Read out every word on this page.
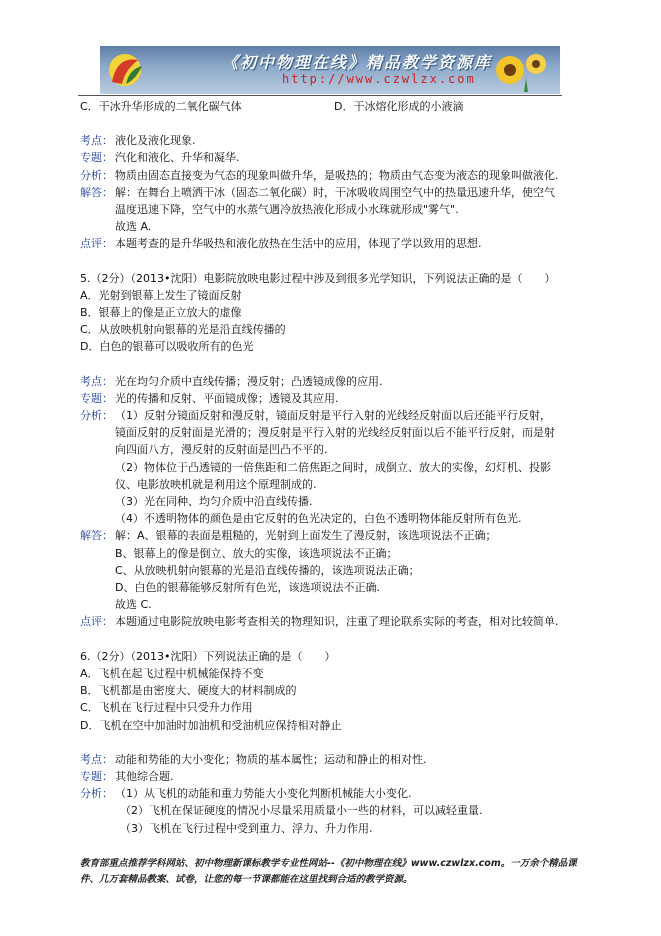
《初中物理在线》精品教学资源库
http://www.czwlzx.com
C．干冰升华形成的二氧化碳气体	D．干冰熔化形成的小液滴
考点： 液化及液化现象.
专题： 汽化和液化、升华和凝华.
分析： 物质由固态直接变为气态的现象叫做升华，是吸热的；物质由气态变为液态的现象叫做液化.
解答： 解：在舞台上喷洒干冰（固态二氧化碳）时，干冰吸收周围空气中的热量迅速升华，使空气
温度迅速下降，空气中的水蒸气遇冷放热液化形成小水珠就形成"雾气".
故选 A.
点评： 本题考查的是升华吸热和液化放热在生活中的应用，体现了学以致用的思想.
5.（2分）（2013•沈阳）电影院放映电影过程中涉及到很多光学知识，下列说法正确的是（　　）
A．光射到银幕上发生了镜面反射
B．银幕上的像是正立放大的虚像
C．从放映机射向银幕的光是沿直线传播的
D．白色的银幕可以吸收所有的色光
考点： 光在均匀介质中直线传播；漫反射；凸透镜成像的应用.
专题： 光的传播和反射、平面镜成像；透镜及其应用.
分析： （1）反射分镜面反射和漫反射，镜面反射是平行入射的光线经反射面以后还能平行反射，
镜面反射的反射面是光滑的；漫反射是平行入射的光线经反射面以后不能平行反射，而是射
向四面八方，漫反射的反射面是凹凸不平的.
（2）物体位于凸透镜的一倍焦距和二倍焦距之间时，成倒立、放大的实像，幻灯机、投影
仪、电影放映机就是利用这个原理制成的.
（3）光在同种、均匀介质中沿直线传播.
（4）不透明物体的颜色是由它反射的色光决定的，白色不透明物体能反射所有色光.
解答： 解：A、银幕的表面是粗糙的，光射到上面发生了漫反射，该选项说法不正确；
B、银幕上的像是倒立、放大的实像，该选项说法不正确；
C、从放映机射向银幕的光是沿直线传播的，该选项说法正确；
D、白色的银幕能够反射所有色光，该选项说法不正确.
故选 C.
点评： 本题通过电影院放映电影考查相关的物理知识，注重了理论联系实际的考查，相对比较简单.
6.（2分）（2013•沈阳）下列说法正确的是（　　）
A．飞机在起飞过程中机械能保持不变
B．飞机都是由密度大、硬度大的材料制成的
C．飞机在飞行过程中只受升力作用
D．飞机在空中加油时加油机和受油机应保持相对静止
考点： 动能和势能的大小变化；物质的基本属性；运动和静止的相对性.
专题： 其他综合题.
分析： （1）从飞机的动能和重力势能大小变化判断机械能大小变化.
（2）飞机在保证硬度的情况小尽量采用质量小一些的材料，可以减轻重量.
（3）飞机在飞行过程中受到重力、浮力、升力作用.
教育部重点推荐学科网站、初中物理新课标教学专业性网站--《初中物理在线》www.czwlzx.com。一万余个精品课
件、几万套精品教案、试卷，让您的每一节课都能在这里找到合适的教学资源。
